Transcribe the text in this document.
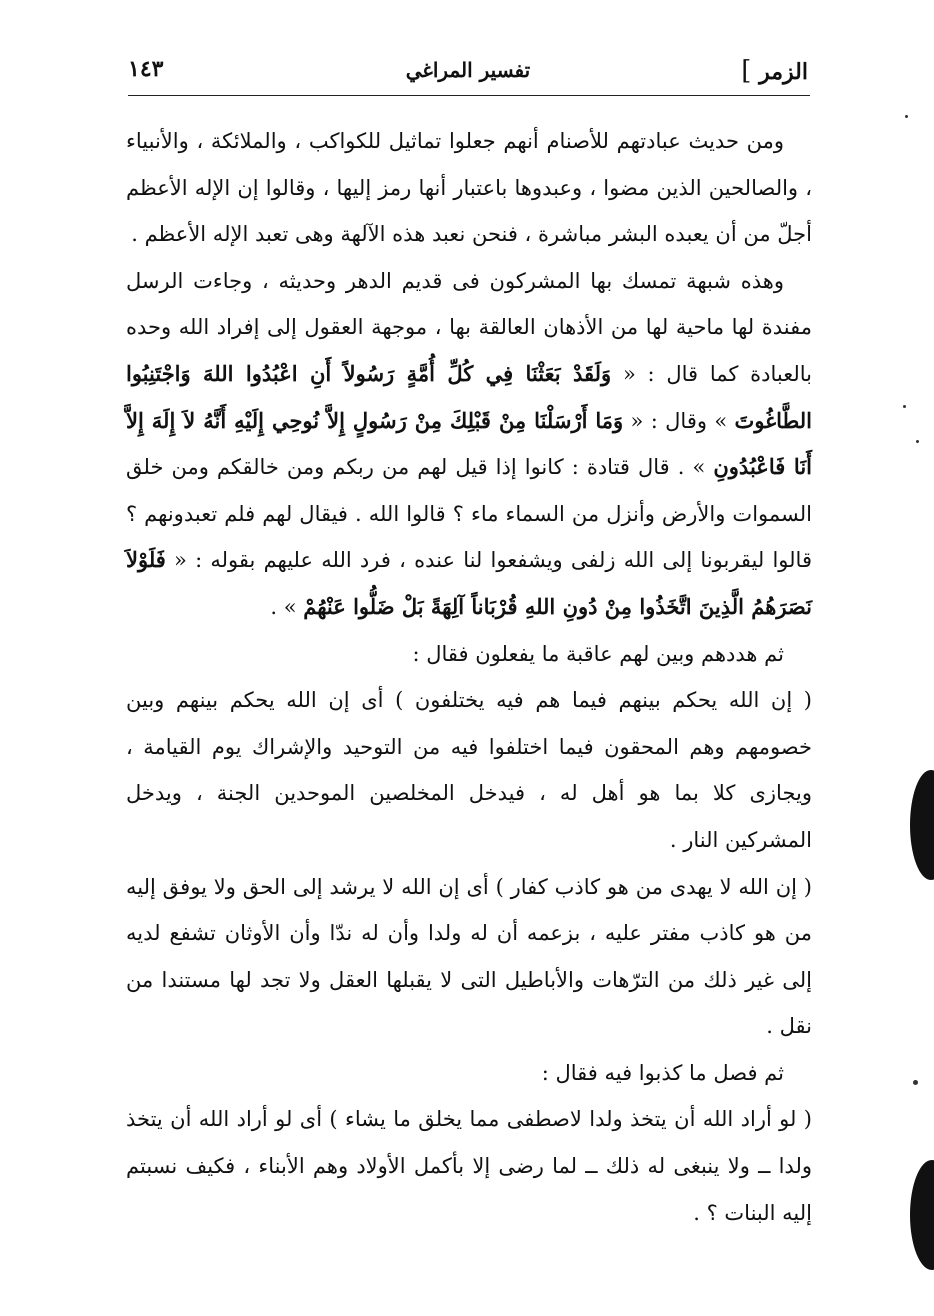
الزمر ]
تفسير المراغي
١٤٣

ومن حديث عبادتهم للأصنام أنهم جعلوا تماثيل للكواكب ، والملائكة ، والأنبياء ، والصالحين الذين مضوا ، وعبدوها باعتبار أنها رمز إليها ، وقالوا إن الإله الأعظم أجلّ من أن يعبده البشر مباشرة ، فنحن نعبد هذه الآلهة وهى تعبد الإله الأعظم .

وهذه شبهة تمسك بها المشركون فى قديم الدهر وحديثه ، وجاءت الرسل مفندة لها ماحية لها من الأذهان العالقة بها ، موجهة العقول إلى إفراد الله وحده بالعبادة كما قال : « وَلَقَدْ بَعَثْنَا فِي كُلِّ أُمَّةٍ رَسُولاً أَنِ اعْبُدُوا اللهَ وَاجْتَنِبُوا الطَّاغُوتَ » وقال : « وَمَا أَرْسَلْنَا مِنْ قَبْلِكَ مِنْ رَسُولٍ إِلاَّ نُوحِي إِلَيْهِ أَنَّهُ لاَ إِلَهَ إِلاَّ أَنَا فَاعْبُدُونِ » . قال قتادة : كانوا إذا قيل لهم من ربكم ومن خالقكم ومن خلق السموات والأرض وأنزل من السماء ماء ؟ قالوا الله . فيقال لهم فلم تعبدونهم ؟ قالوا ليقربونا إلى الله زلفى ويشفعوا لنا عنده ، فرد الله عليهم بقوله : « فَلَوْلاَ نَصَرَهُمُ الَّذِينَ اتَّخَذُوا مِنْ دُونِ اللهِ قُرْبَاناً آلِهَةً بَلْ ضَلُّوا عَنْهُمْ » .

ثم هددهم وبين لهم عاقبة ما يفعلون فقال :

( إن الله يحكم بينهم فيما هم فيه يختلفون ) أى إن الله يحكم بينهم وبين خصومهم وهم المحقون فيما اختلفوا فيه من التوحيد والإشراك يوم القيامة ، ويجازى كلا بما هو أهل له ، فيدخل المخلصين الموحدين الجنة ، ويدخل المشركين النار .

( إن الله لا يهدى من هو كاذب كفار ) أى إن الله لا يرشد إلى الحق ولا يوفق إليه من هو كاذب مفتر عليه ، بزعمه أن له ولدا وأن له ندّا وأن الأوثان تشفع لديه إلى غير ذلك من الترّهات والأباطيل التى لا يقبلها العقل ولا تجد لها مستندا من نقل .

ثم فصل ما كذبوا فيه فقال :

( لو أراد الله أن يتخذ ولدا لاصطفى مما يخلق ما يشاء ) أى لو أراد الله أن يتخذ ولدا ــ ولا ينبغى له ذلك ــ لما رضى إلا بأكمل الأولاد وهم الأبناء ، فكيف نسبتم إليه البنات ؟ .
